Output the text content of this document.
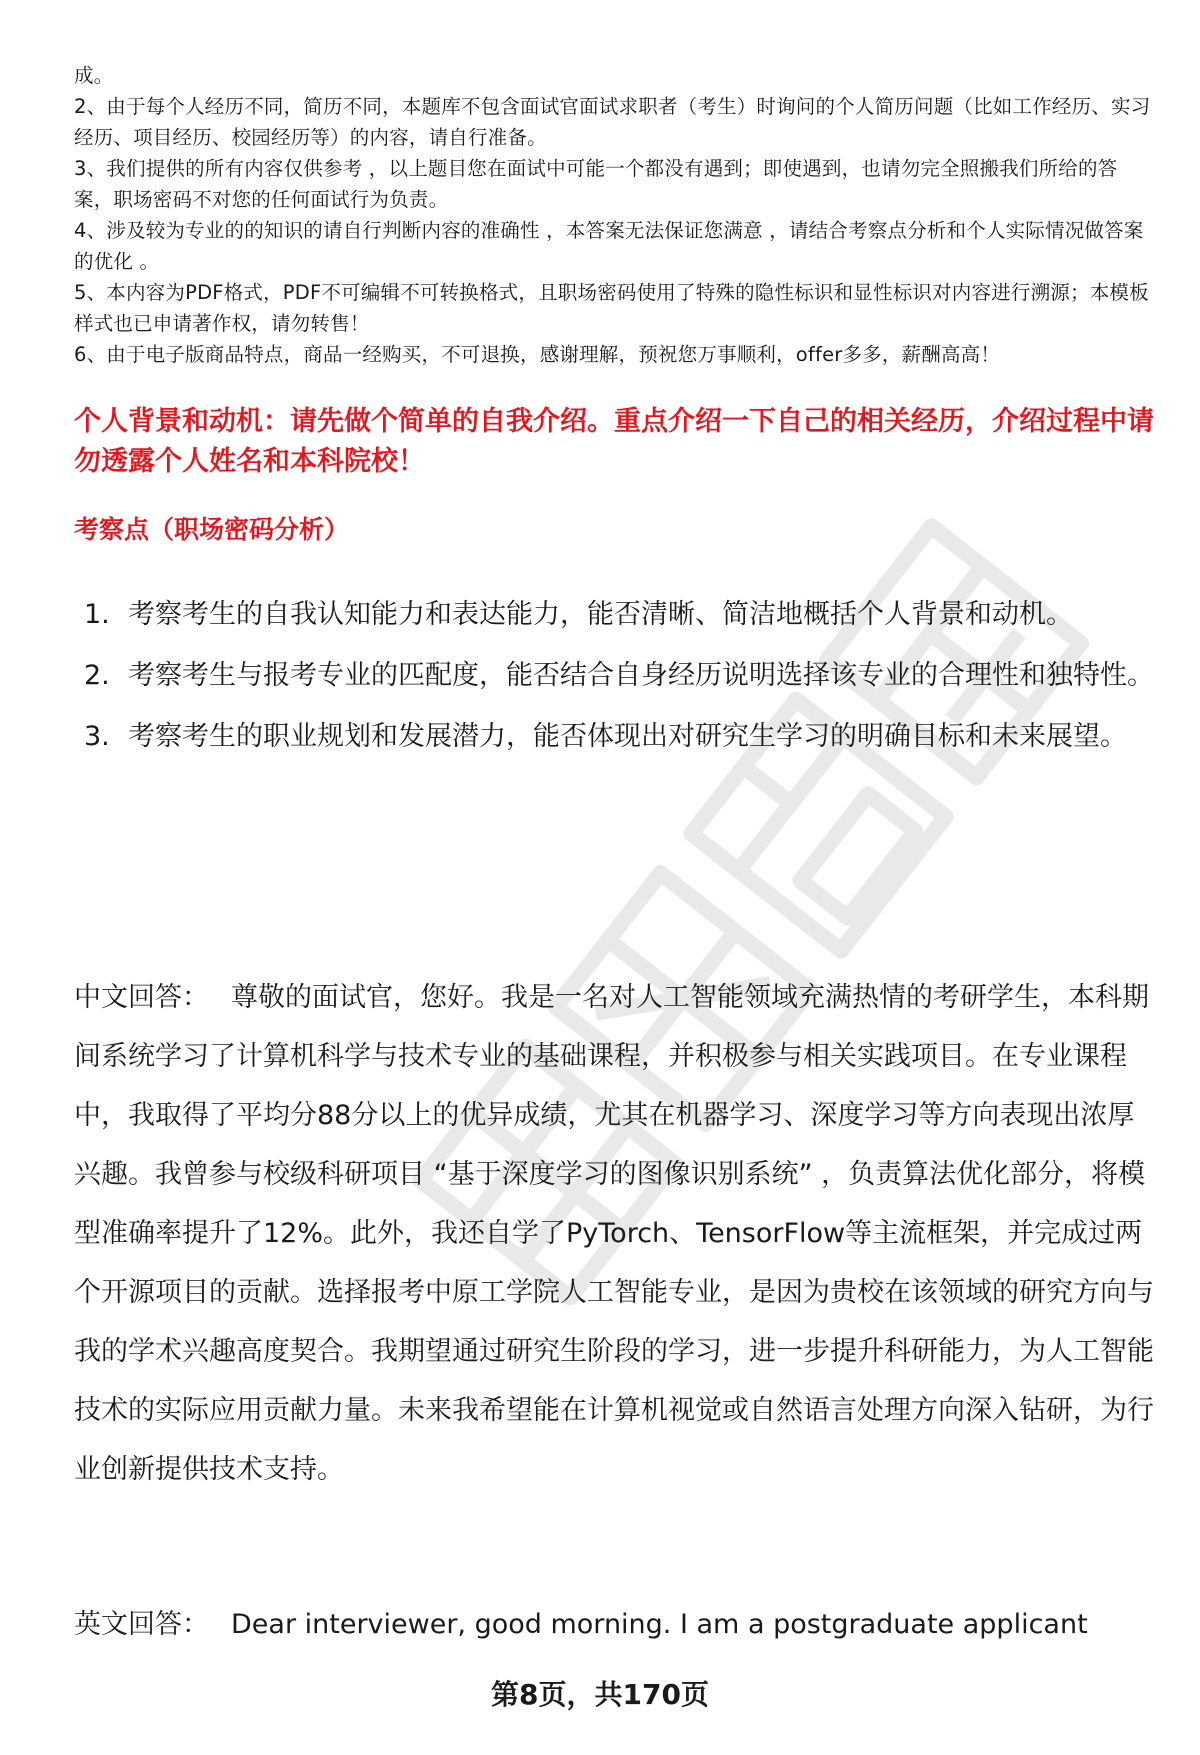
成。

2、由于每个人经历不同，简历不同，本题库不包含面试官面试求职者（考生）时询问的个人简历问题（比如工作经历、实习经历、项目经历、校园经历等）的内容，请自行准备。

3、我们提供的所有内容仅供参考 ，以上题目您在面试中可能一个都没有遇到；即使遇到，也请勿完全照搬我们所给的答案，职场密码不对您的任何面试行为负责。

4、涉及较为专业的的知识的请自行判断内容的准确性 ，本答案无法保证您满意 ，请结合考察点分析和个人实际情况做答案的优化 。

5、本内容为PDF格式，PDF不可编辑不可转换格式，且职场密码使用了特殊的隐性标识和显性标识对内容进行溯源；本模板样式也已申请著作权，请勿转售！

6、由于电子版商品特点，商品一经购买，不可退换，感谢理解，预祝您万事顺利，offer多多，薪酬高高！

个人背景和动机：请先做个简单的自我介绍。重点介绍一下自己的相关经历，介绍过程中请勿透露个人姓名和本科院校！
考察点（职场密码分析）
1. 考察考生的自我认知能力和表达能力，能否清晰、简洁地概括个人背景和动机。
2. 考察考生与报考专业的匹配度，能否结合自身经历说明选择该专业的合理性和独特性。
3. 考察考生的职业规划和发展潜力，能否体现出对研究生学习的明确目标和未来展望。

中文回答： 尊敬的面试官，您好。我是一名对人工智能领域充满热情的考研学生，本科期间系统学习了计算机科学与技术专业的基础课程，并积极参与相关实践项目。在专业课程中，我取得了平均分88分以上的优异成绩，尤其在机器学习、深度学习等方向表现出浓厚兴趣。我曾参与校级科研项目 “基于深度学习的图像识别系统” ，负责算法优化部分，将模型准确率提升了12%。此外，我还自学了PyTorch、TensorFlow等主流框架，并完成过两个开源项目的贡献。选择报考中原工学院人工智能专业，是因为贵校在该领域的研究方向与我的学术兴趣高度契合。我期望通过研究生阶段的学习，进一步提升科研能力，为人工智能技术的实际应用贡献力量。未来我希望能在计算机视觉或自然语言处理方向深入钻研，为行业创新提供技术支持。

英文回答： Dear interviewer, good morning. I am a postgraduate applicant

第8页，共170页
